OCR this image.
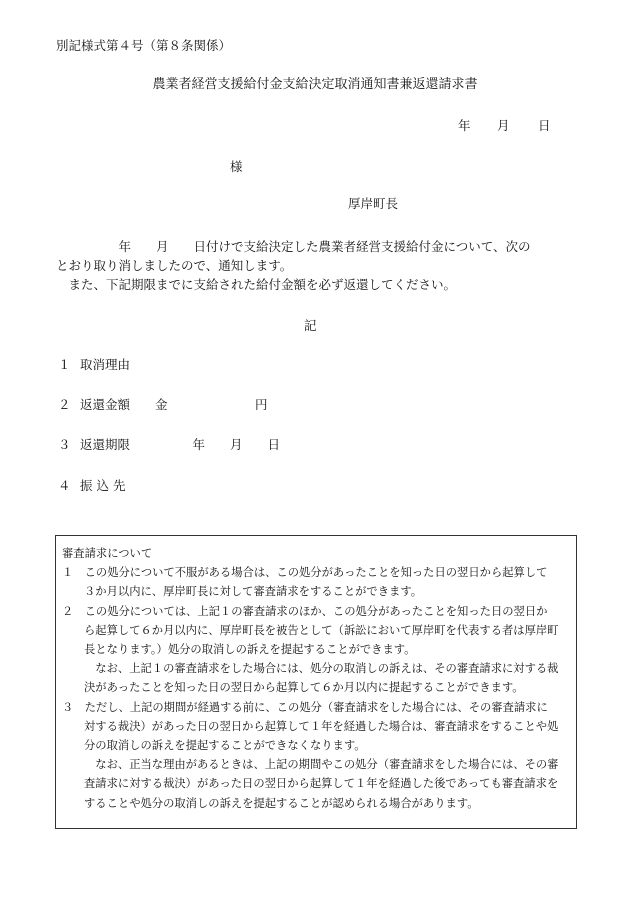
別記様式第４号（第８条関係）
農業者経営支援給付金支給決定取消通知書兼返還請求書
年 月 日
様
厚岸町長
　　　　　年　　月　　日付けで支給決定した農業者経営支援給付金について、次の
とおり取り消しましたので、通知します。
　また、下記期限までに支給された給付金額を必ず返還してください。
記
１ 取消理由
２ 返還金額　　金　　　　　　　円
３ 返還期限　　　　　年　　月　　日
４ 振 込 先
審査請求について
１　この処分について不服がある場合は、この処分があったことを知った日の翌日から起算して
３か月以内に、厚岸町長に対して審査請求をすることができます。
２　この処分については、上記１の審査請求のほか、この処分があったことを知った日の翌日か
ら起算して６か月以内に、厚岸町長を被告として（訴訟において厚岸町を代表する者は厚岸町
長となります。）処分の取消しの訴えを提起することができます。
　なお、上記１の審査請求をした場合には、処分の取消しの訴えは、その審査請求に対する裁
決があったことを知った日の翌日から起算して６か月以内に提起することができます。
３　ただし、上記の期間が経過する前に、この処分（審査請求をした場合には、その審査請求に
対する裁決）があった日の翌日から起算して１年を経過した場合は、審査請求をすることや処
分の取消しの訴えを提起することができなくなります。
　なお、正当な理由があるときは、上記の期間やこの処分（審査請求をした場合には、その審
査請求に対する裁決）があった日の翌日から起算して１年を経過した後であっても審査請求を
することや処分の取消しの訴えを提起することが認められる場合があります。
